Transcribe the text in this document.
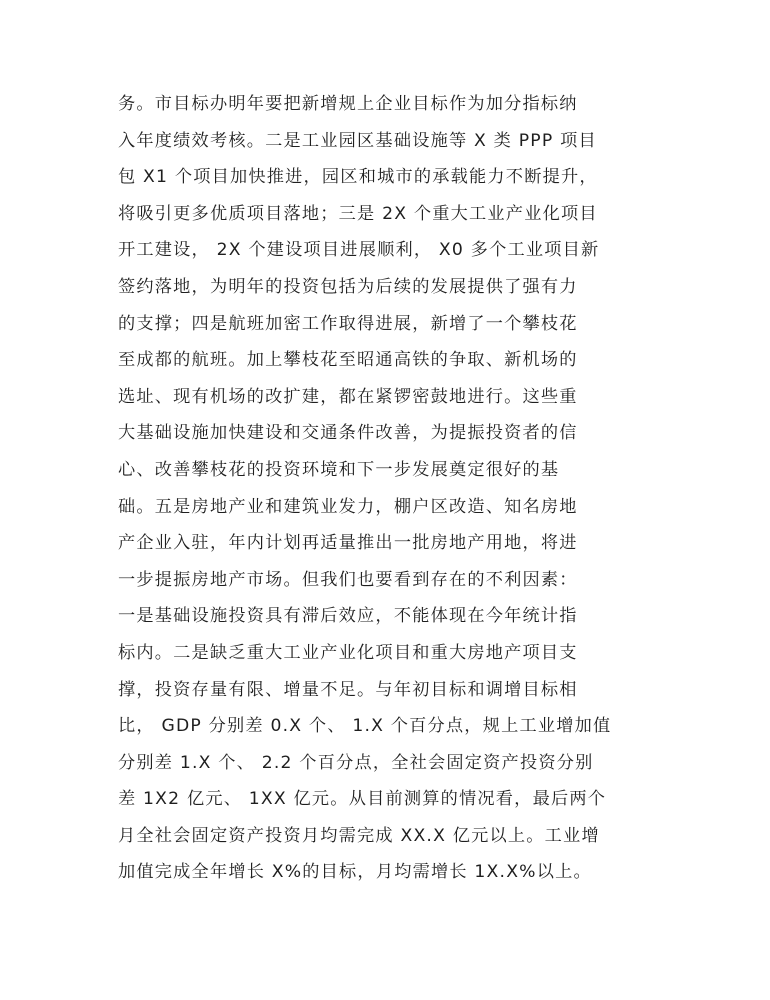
务。市目标办明年要把新增规上企业目标作为加分指标纳
入年度绩效考核。二是工业园区基础设施等 X 类 PPP 项目
包 X1 个项目加快推进，园区和城市的承载能力不断提升，
将吸引更多优质项目落地；三是 2X 个重大工业产业化项目
开工建设， 2X 个建设项目进展顺利， X0 多个工业项目新
签约落地，为明年的投资包括为后续的发展提供了强有力
的支撑；四是航班加密工作取得进展，新增了一个攀枝花
至成都的航班。加上攀枝花至昭通高铁的争取、新机场的
选址、现有机场的改扩建，都在紧锣密鼓地进行。这些重
大基础设施加快建设和交通条件改善，为提振投资者的信
心、改善攀枝花的投资环境和下一步发展奠定很好的基
础。五是房地产业和建筑业发力，棚户区改造、知名房地
产企业入驻，年内计划再适量推出一批房地产用地，将进
一步提振房地产市场。但我们也要看到存在的不利因素：
一是基础设施投资具有滞后效应，不能体现在今年统计指
标内。二是缺乏重大工业产业化项目和重大房地产项目支
撑，投资存量有限、增量不足。与年初目标和调增目标相
比， GDP 分别差 0.X 个、 1.X 个百分点，规上工业增加值
分别差 1.X 个、 2.2 个百分点，全社会固定资产投资分别
差 1X2 亿元、 1XX 亿元。从目前测算的情况看，最后两个
月全社会固定资产投资月均需完成 XX.X 亿元以上。工业增
加值完成全年增长 X%的目标，月均需增长 1X.X%以上。
